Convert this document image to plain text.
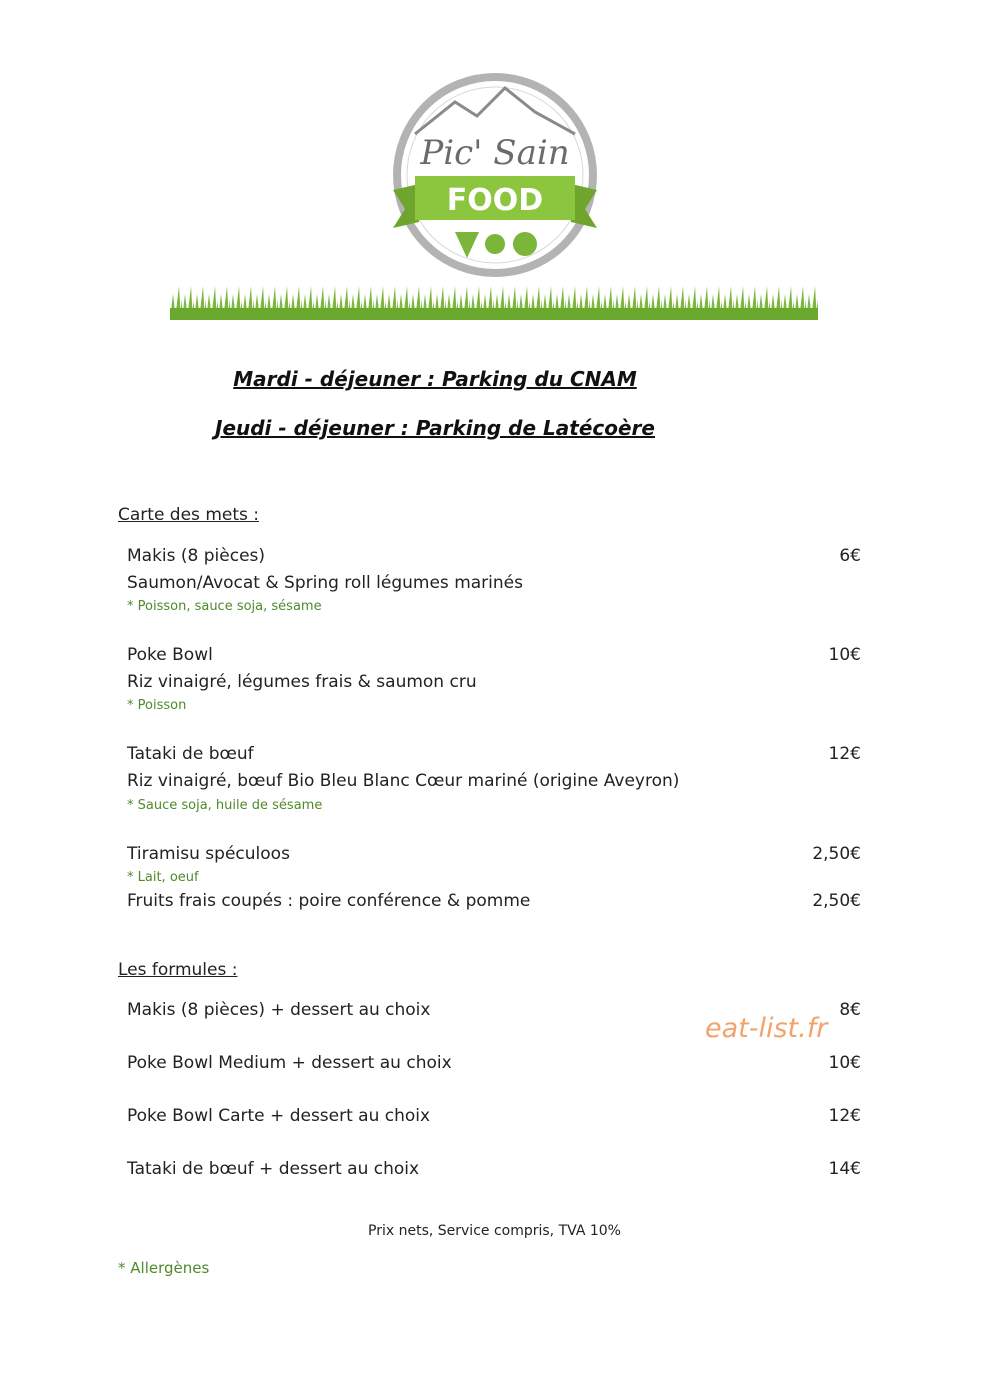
Pic' Sain
FOOD
Mardi - déjeuner : Parking du CNAM
Jeudi - déjeuner : Parking de Latécoère
Carte des mets :
Makis (8 pièces)	6€
Saumon/Avocat & Spring roll légumes marinés
* Poisson, sauce soja, sésame
Poke Bowl	10€
Riz vinaigré, légumes frais & saumon cru
* Poisson
Tataki de bœuf	12€
Riz vinaigré, bœuf Bio Bleu Blanc Cœur mariné (origine Aveyron)
* Sauce soja, huile de sésame
Tiramisu spéculoos	2,50€
* Lait, oeuf
Fruits frais coupés : poire conférence & pomme	2,50€
Les formules :
Makis (8 pièces) + dessert au choix	8€
Poke Bowl Medium + dessert au choix	10€
Poke Bowl Carte + dessert au choix	12€
Tataki de bœuf + dessert au choix	14€
eat-list.fr
Prix nets, Service compris, TVA 10%
* Allergènes
